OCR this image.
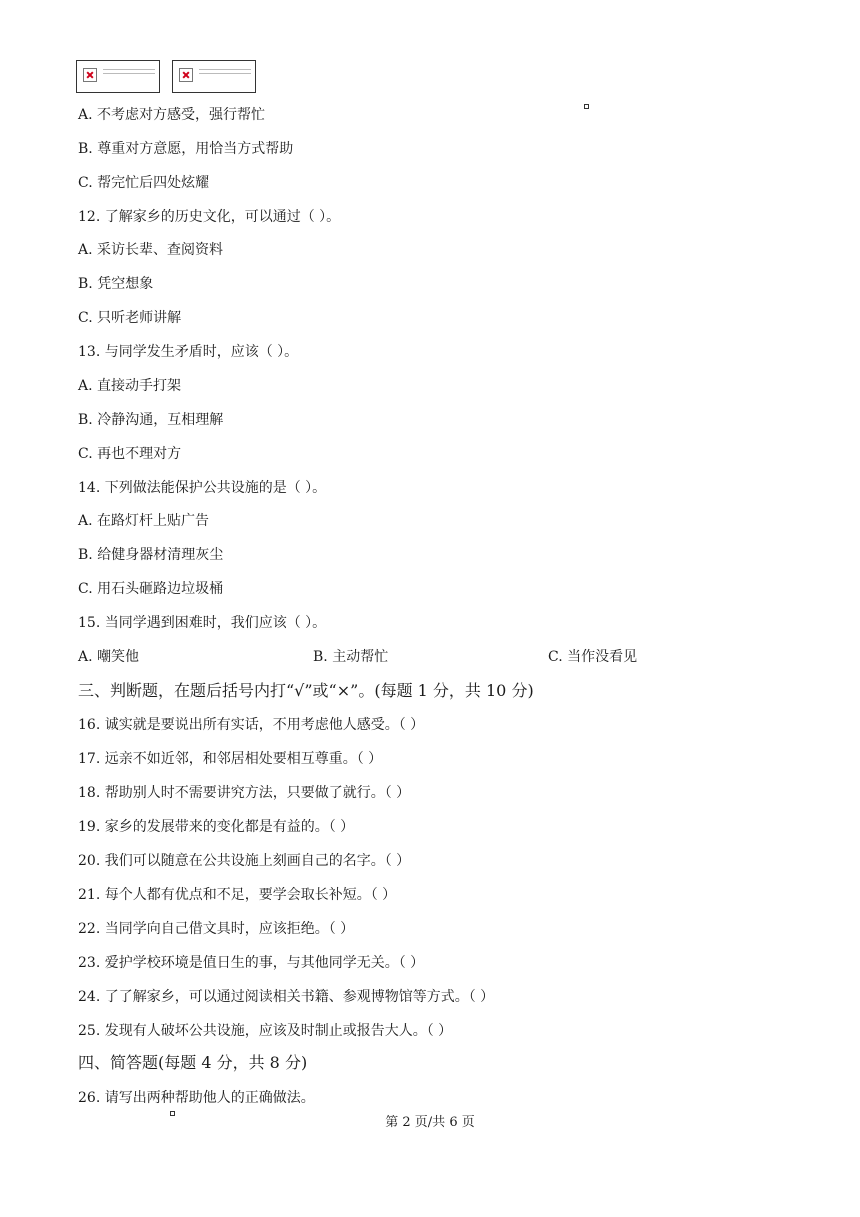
A. 不考虑对方感受，强行帮忙
B. 尊重对方意愿，用恰当方式帮助
C. 帮完忙后四处炫耀
12. 了解家乡的历史文化，可以通过（ ）。
A. 采访长辈、查阅资料
B. 凭空想象
C. 只听老师讲解
13. 与同学发生矛盾时，应该（ ）。
A. 直接动手打架
B. 冷静沟通，互相理解
C. 再也不理对方
14. 下列做法能保护公共设施的是（ ）。
A. 在路灯杆上贴广告
B. 给健身器材清理灰尘
C. 用石头砸路边垃圾桶
15. 当同学遇到困难时，我们应该（ ）。
A. 嘲笑他	B. 主动帮忙	C. 当作没看见
三、判断题，在题后括号内打“√”或“×”。(每题 1 分，共 10 分)
16. 诚实就是要说出所有实话，不用考虑他人感受。（ ）
17. 远亲不如近邻，和邻居相处要相互尊重。（ ）
18. 帮助别人时不需要讲究方法，只要做了就行。（ ）
19. 家乡的发展带来的变化都是有益的。（ ）
20. 我们可以随意在公共设施上刻画自己的名字。（ ）
21. 每个人都有优点和不足，要学会取长补短。（ ）
22. 当同学向自己借文具时，应该拒绝。（ ）
23. 爱护学校环境是值日生的事，与其他同学无关。（ ）
24. 了了解家乡，可以通过阅读相关书籍、参观博物馆等方式。（ ）
25. 发现有人破坏公共设施，应该及时制止或报告大人。（ ）
四、简答题(每题 4 分，共 8 分)
26. 请写出两种帮助他人的正确做法。
第 2 页/共 6 页
